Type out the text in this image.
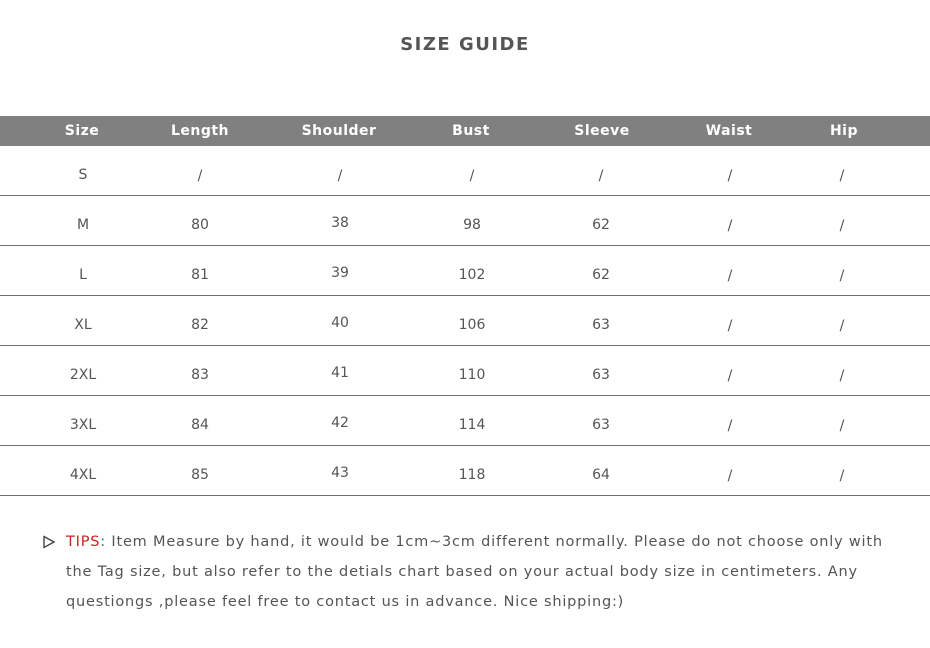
SIZE GUIDE
Size	Length	Shoulder	Bust	Sleeve	Waist	Hip
S	/	/	/	/	/	/
M	80	38	98	62	/	/
L	81	39	102	62	/	/
XL	82	40	106	63	/	/
2XL	83	41	110	63	/	/
3XL	84	42	114	63	/	/
4XL	85	43	118	64	/	/
TIPS: Item Measure by hand, it would be 1cm~3cm different normally. Please do not choose only with the Tag size, but also refer to the detials chart based on your actual body size in centimeters. Any questiongs ,please feel free to contact us in advance. Nice shipping:)
